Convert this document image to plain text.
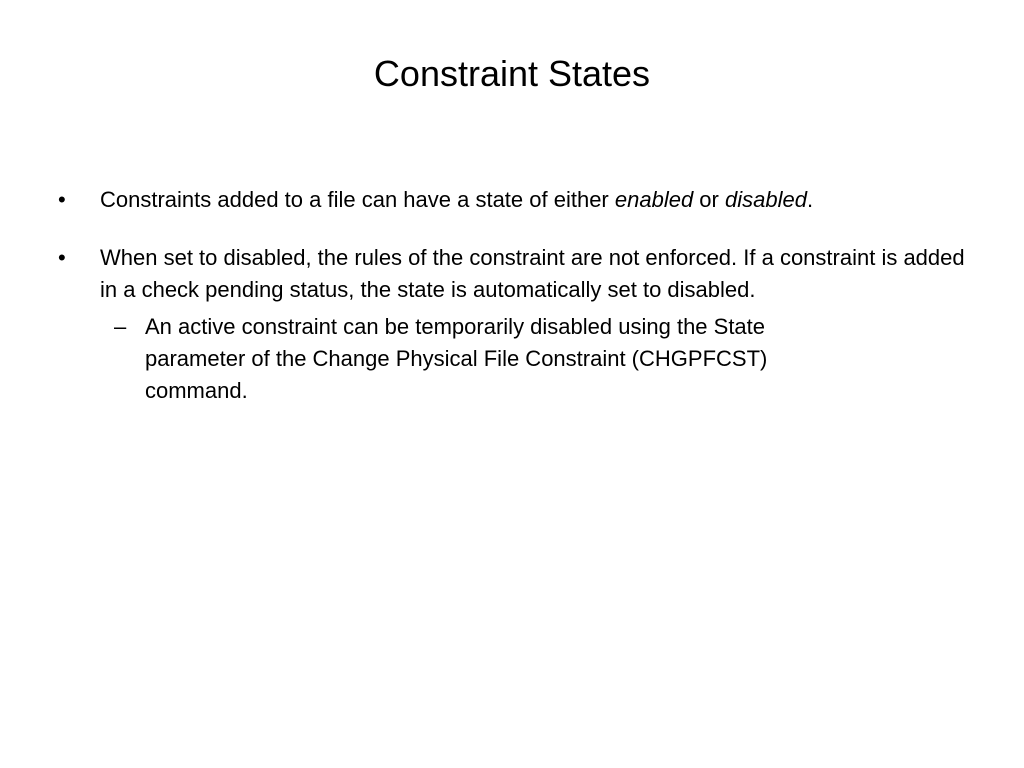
Constraint States
•	Constraints added to a file can have a state of either enabled or disabled.
•	When set to disabled, the rules of the constraint are not enforced. If a constraint is added in a check pending status, the state is automatically set to disabled.
– An active constraint can be temporarily disabled using the State parameter of the Change Physical File Constraint (CHGPFCST) command.
